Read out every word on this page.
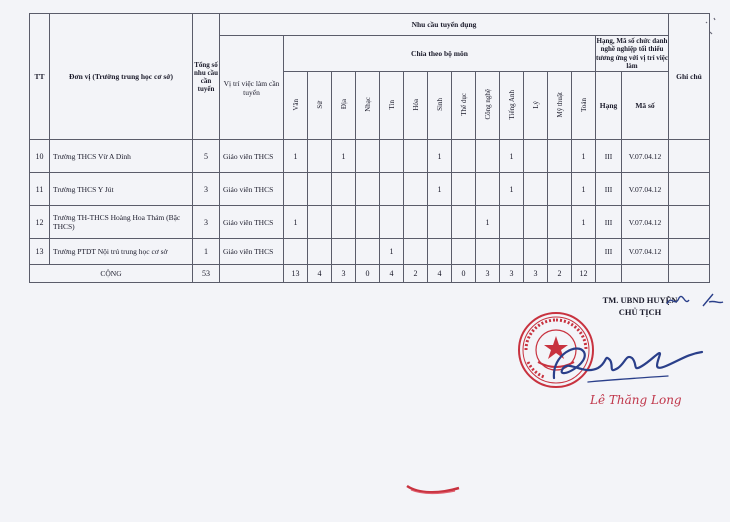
TT	Đơn vị (Trường trung học cơ sở)	Tổng số nhu cầu cần tuyển	Nhu cầu tuyển dụng																Ghi chú
			Vị trí việc làm cần tuyển	Chia theo bộ môn													Hạng, Mã số chức danh nghề nghiệp tối thiểu tương ứng với vị trí việc làm		
				Văn	Sử	Địa	Nhạc	Tin	Hóa	Sinh	Thể dục	Công nghệ	Tiếng Anh	Lý	Mỹ thuật	Toán	Hạng	Mã số	
10	Trường THCS Vừ A Dính	5	Giáo viên THCS	1		1				1			1			1	III	V.07.04.12	
11	Trường THCS Y Jút	3	Giáo viên THCS							1			1			1	III	V.07.04.12	
12	Trường TH-THCS Hoàng Hoa Thám (Bậc THCS)	3	Giáo viên THCS	1								1				1	III	V.07.04.12	
13	Trường PTDT Nội trú trung học cơ sở	1	Giáo viên THCS					1									III	V.07.04.12	
CỘNG		53		13	4	3	0	4	2	4	0	3	3	3	2	12			
TM. UBND HUYỆN
CHỦ TỊCH
Lê Thăng Long
